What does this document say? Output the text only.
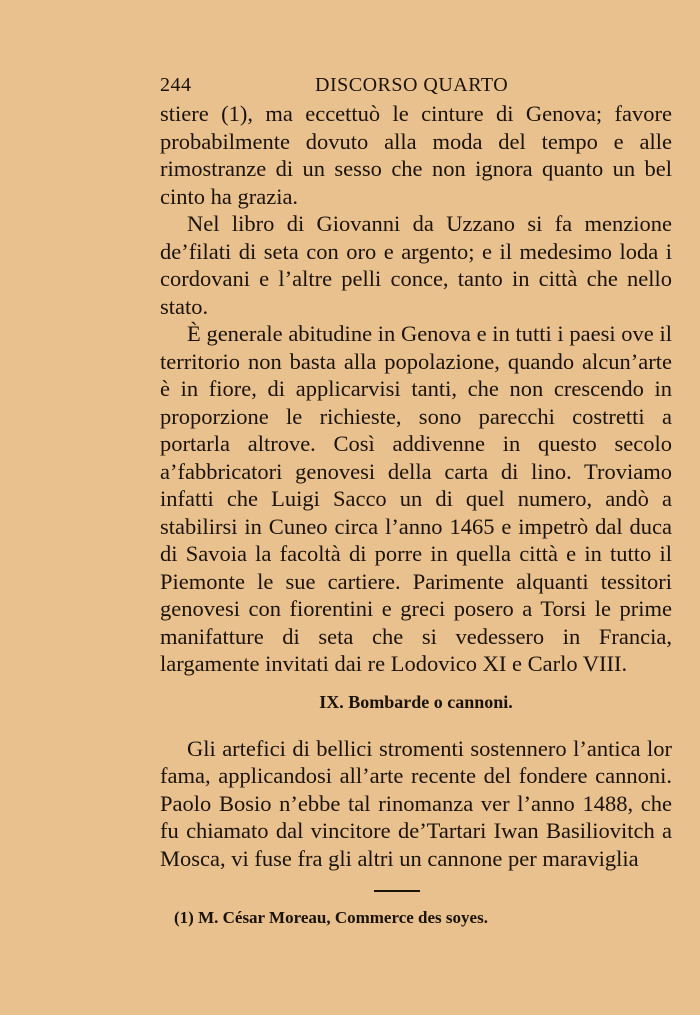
244	DISCORSO QUARTO

stiere (1), ma eccettuò le cinture di Genova; favore probabilmente dovuto alla moda del tempo e alle rimostranze di un sesso che non ignora quanto un bel cinto ha grazia.

Nel libro di Giovanni da Uzzano si fa menzione de’filati di seta con oro e argento; e il medesimo loda i cordovani e l’altre pelli conce, tanto in città che nello stato.

È generale abitudine in Genova e in tutti i paesi ove il territorio non basta alla popolazione, quando alcun’arte è in fiore, di applicarvisi tanti, che non crescendo in proporzione le richieste, sono parecchi costretti a portarla altrove. Così addivenne in questo secolo a’fabbricatori genovesi della carta di lino. Troviamo infatti che Luigi Sacco un di quel numero, andò a stabilirsi in Cuneo circa l’anno 1465 e impetrò dal duca di Savoia la facoltà di porre in quella città e in tutto il Piemonte le sue cartiere. Parimente alquanti tessitori genovesi con fiorentini e greci posero a Torsi le prime manifatture di seta che si vedessero in Francia, largamente invitati dai re Lodovico XI e Carlo VIII.

IX. Bombarde o cannoni.

Gli artefici di bellici stromenti sostennero l’antica lor fama, applicandosi all’arte recente del fondere cannoni. Paolo Bosio n’ebbe tal rinomanza ver l’anno 1488, che fu chiamato dal vincitore de’Tartari Iwan Basiliovitch a Mosca, vi fuse fra gli altri un cannone per maraviglia

(1) M. César Moreau, Commerce des soyes.
